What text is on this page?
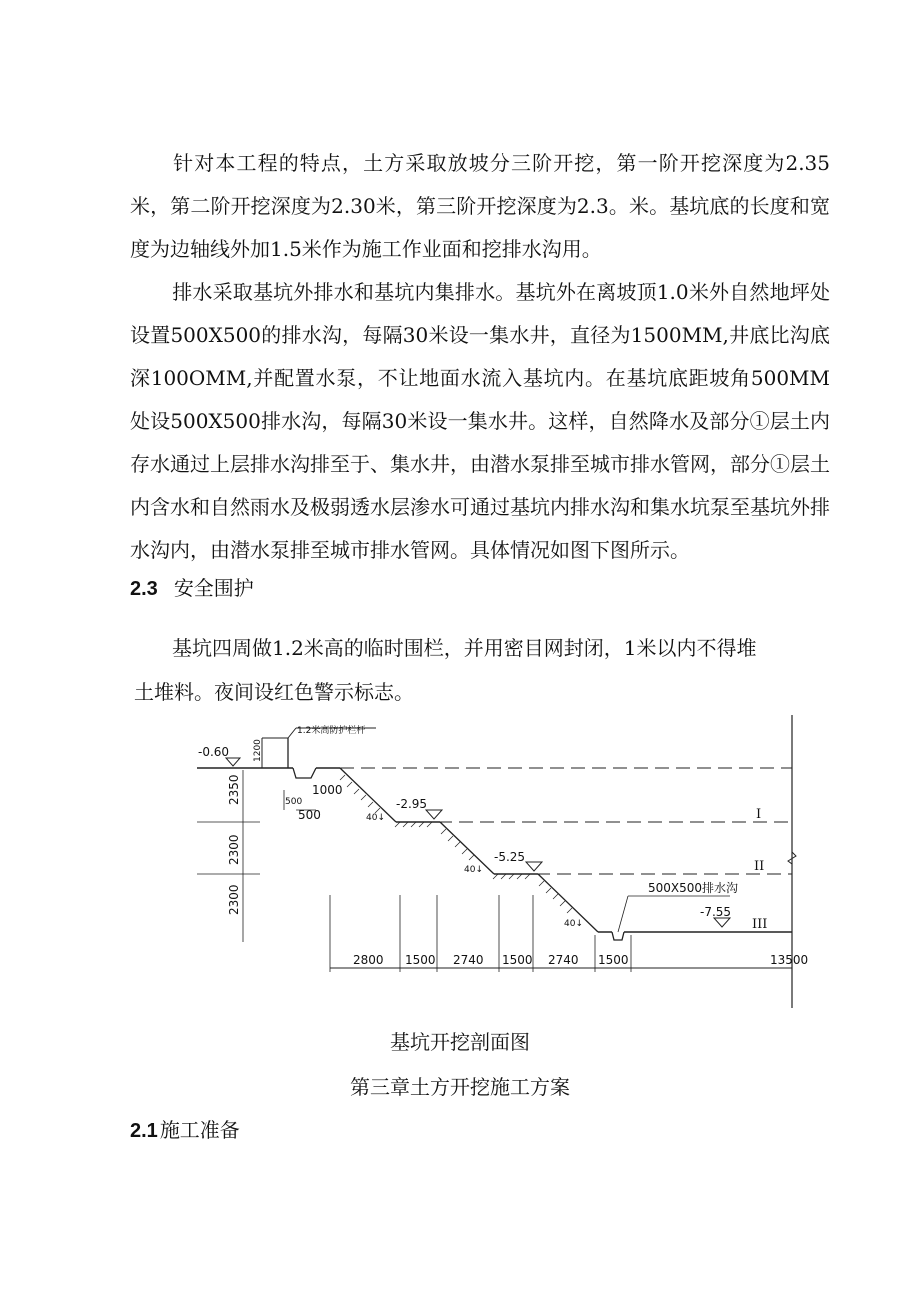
针对本工程的特点，土方采取放坡分三阶开挖，第一阶开挖深度为2.35米，第二阶开挖深度为2.30米，第三阶开挖深度为2.3。米。基坑底的长度和宽度为边轴线外加1.5米作为施工作业面和挖排水沟用。

排水采取基坑外排水和基坑内集排水。基坑外在离坡顶1.0米外自然地坪处设置500X500的排水沟，每隔30米设一集水井，直径为1500MM,井底比沟底深100OMM,并配置水泵，不让地面水流入基坑内。在基坑底距坡角500MM处设500X500排水沟，每隔30米设一集水井。这样，自然降水及部分①层土内存水通过上层排水沟排至于、集水井，由潜水泵排至城市排水管网，部分①层土内含水和自然雨水及极弱透水层渗水可通过基坑内排水沟和集水坑泵至基坑外排水沟内，由潜水泵排至城市排水管网。具体情况如图下图所示。

2.3 安全围护

基坑四周做1.2米高的临时围栏，并用密目网封闭，1米以内不得堆

土堆料。夜间设红色警示标志。

1.2米高防护栏杆
1200
2350
2300
2300
-0.60
500
1000
500	40↓
-2.95
40↓
-5.25
40↓
500X500排水沟
-7.55
I
II
III
2800 1500 2740 1500 2740 1500	13500

基坑开挖剖面图

第三章土方开挖施工方案

2.1 施工准备
